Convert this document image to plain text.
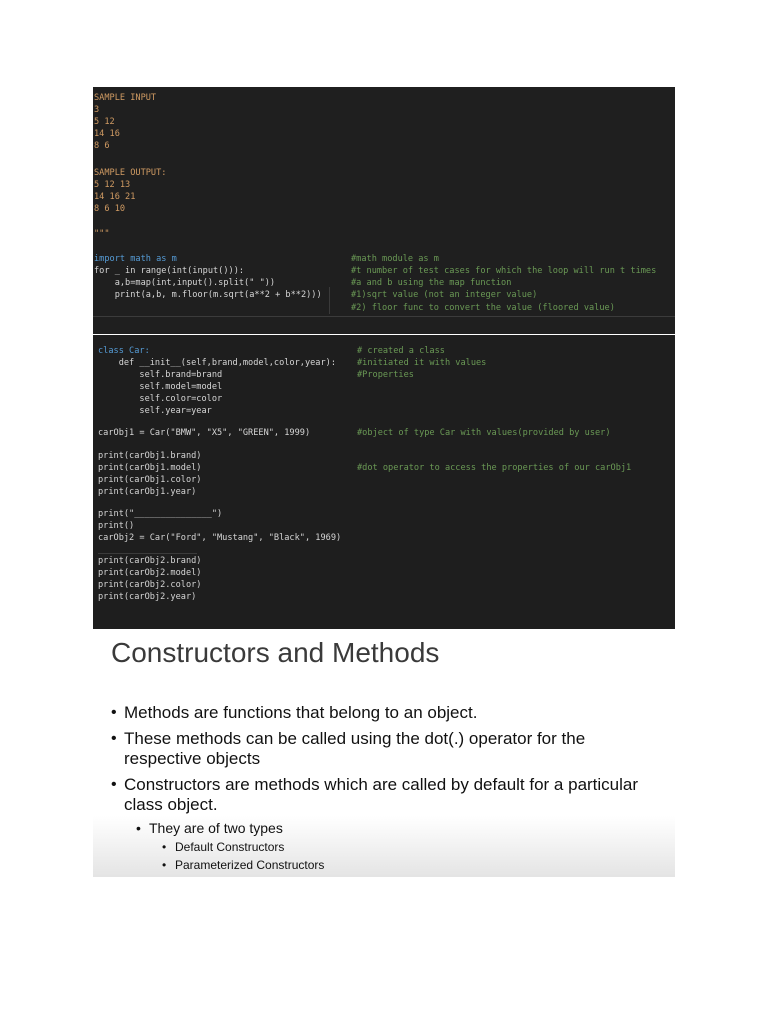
SAMPLE INPUT

3

5 12

14 16

8 6

SAMPLE OUTPUT:

5 12 13

14 16 21

8 6 10

"""

import math as m

for _ in range(int(input())):

a,b=map(int,input().split(" "))

print(a,b, m.floor(m.sqrt(a**2 + b**2)))

#math module as m

#t number of test cases for which the loop will run t times

#a and b using the map function

#1)sqrt value (not an integer value)

#2) floor func to convert the value (floored value)

class Car:

def __init__(self,brand,model,color,year):

self.brand=brand

self.model=model

self.color=color

self.year=year

# created a class

#initiated it with values

#Properties

carObj1 = Car("BMW", "X5", "GREEN", 1999)

	#object of type Car with values(provided by user)

print(carObj1.brand)

print(carObj1.model)

print(carObj1.color)

print(carObj1.year)

#dot operator to access the properties of our carObj1

print("_______________")

print()

carObj2 = Car("Ford", "Mustang", "Black", 1969)

print(carObj2.brand)

print(carObj2.model)

print(carObj2.color)

print(carObj2.year)

Constructors and Methods
• Methods are functions that belong to an object.
• These methods can be called using the dot(.) operator for the
respective objects
• Constructors are methods which are called by default for a particular
class object.
• They are of two types
• Default Constructors
• Parameterized Constructors
